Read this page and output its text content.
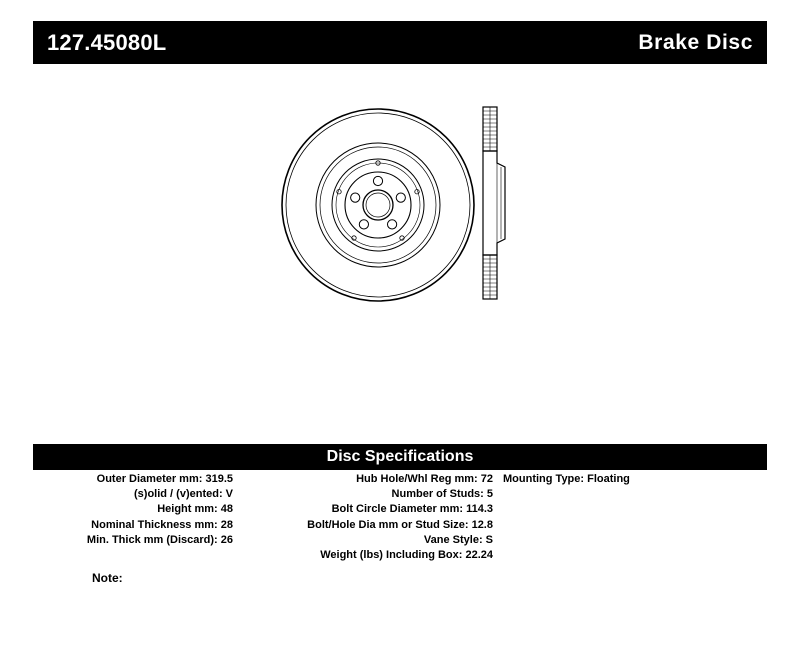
127.45080L	Brake Disc
Disc Specifications
Outer Diameter mm: 319.5
(s)olid / (v)ented: V
Height mm: 48
Nominal Thickness mm: 28
Min. Thick mm (Discard): 26
Hub Hole/Whl Reg mm: 72
Number of Studs: 5
Bolt Circle Diameter mm: 114.3
Bolt/Hole Dia mm or Stud Size: 12.8
Vane Style: S
Weight (lbs) Including Box: 22.24
Mounting Type: Floating
Note:
